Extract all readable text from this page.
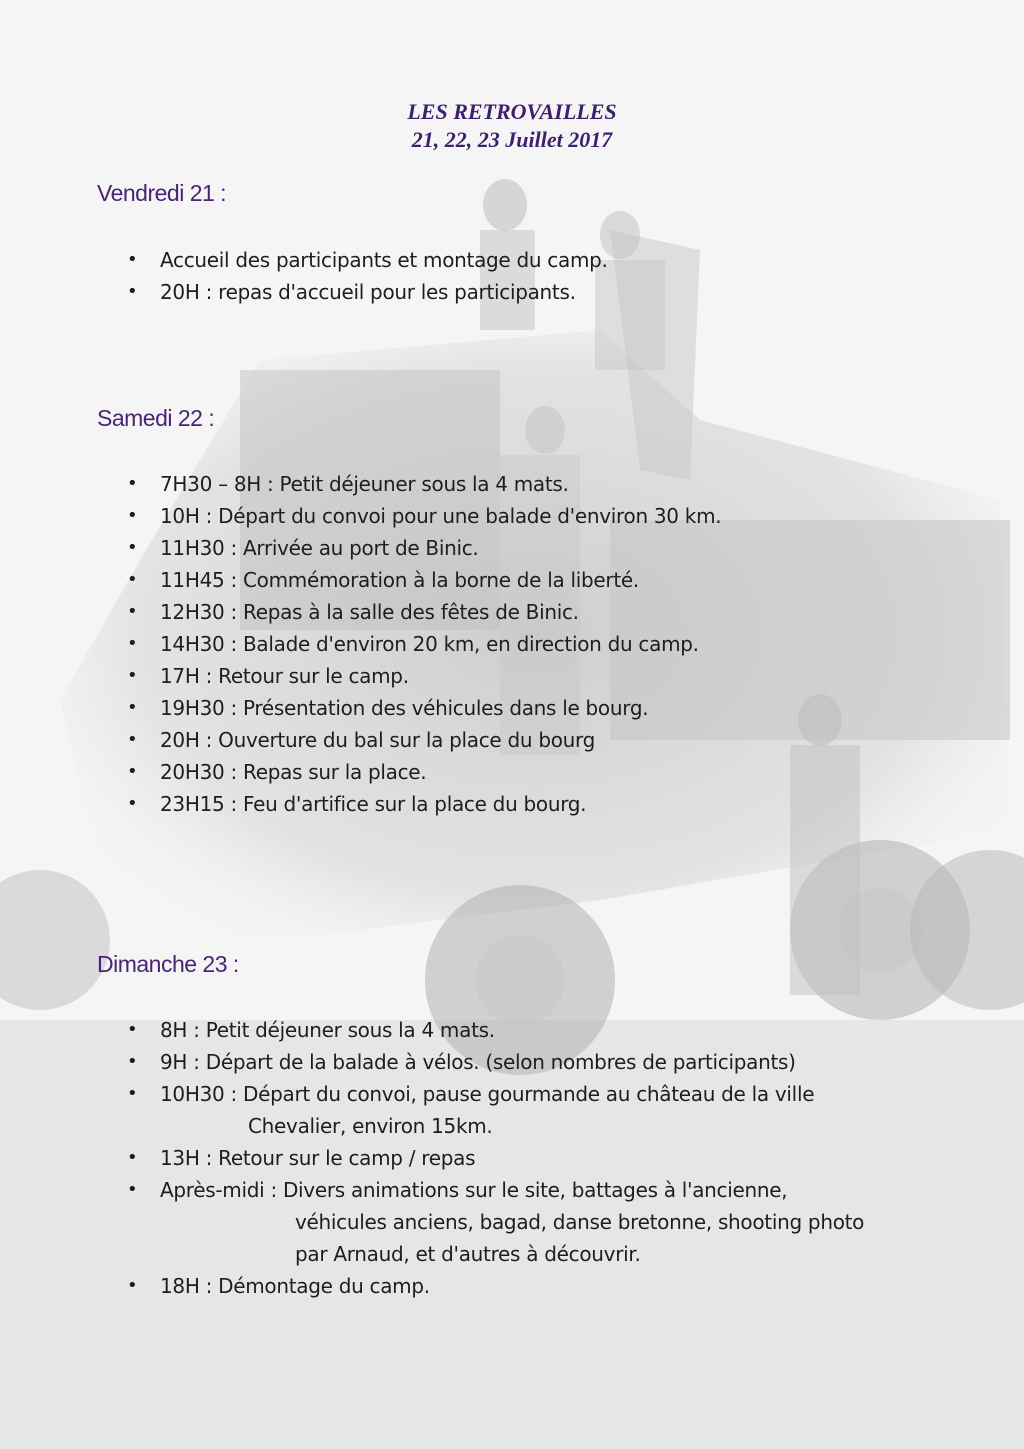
LES RETROVAILLES
21, 22, 23 Juillet 2017
Vendredi 21 :
• Accueil des participants et montage du camp.
• 20H : repas d'accueil pour les participants.
Samedi 22 :
• 7H30 – 8H : Petit déjeuner sous la 4 mats.
• 10H : Départ du convoi pour une balade d'environ 30 km.
• 11H30 : Arrivée au port de Binic.
• 11H45 : Commémoration à la borne de la liberté.
• 12H30 : Repas à la salle des fêtes de Binic.
• 14H30 : Balade d'environ 20 km, en direction du camp.
• 17H : Retour sur le camp.
• 19H30 : Présentation des véhicules dans le bourg.
• 20H : Ouverture du bal sur la place du bourg
• 20H30 : Repas sur la place.
• 23H15 : Feu d'artifice sur la place du bourg.
Dimanche 23 :
• 8H : Petit déjeuner sous la 4 mats.
• 9H : Départ de la balade à vélos. (selon nombres de participants)
• 10H30 : Départ du convoi, pause gourmande au château de la ville
Chevalier, environ 15km.
• 13H : Retour sur le camp / repas
• Après-midi : Divers animations sur le site, battages à l'ancienne,
véhicules anciens, bagad, danse bretonne, shooting photo
par Arnaud, et d'autres à découvrir.
• 18H : Démontage du camp.
